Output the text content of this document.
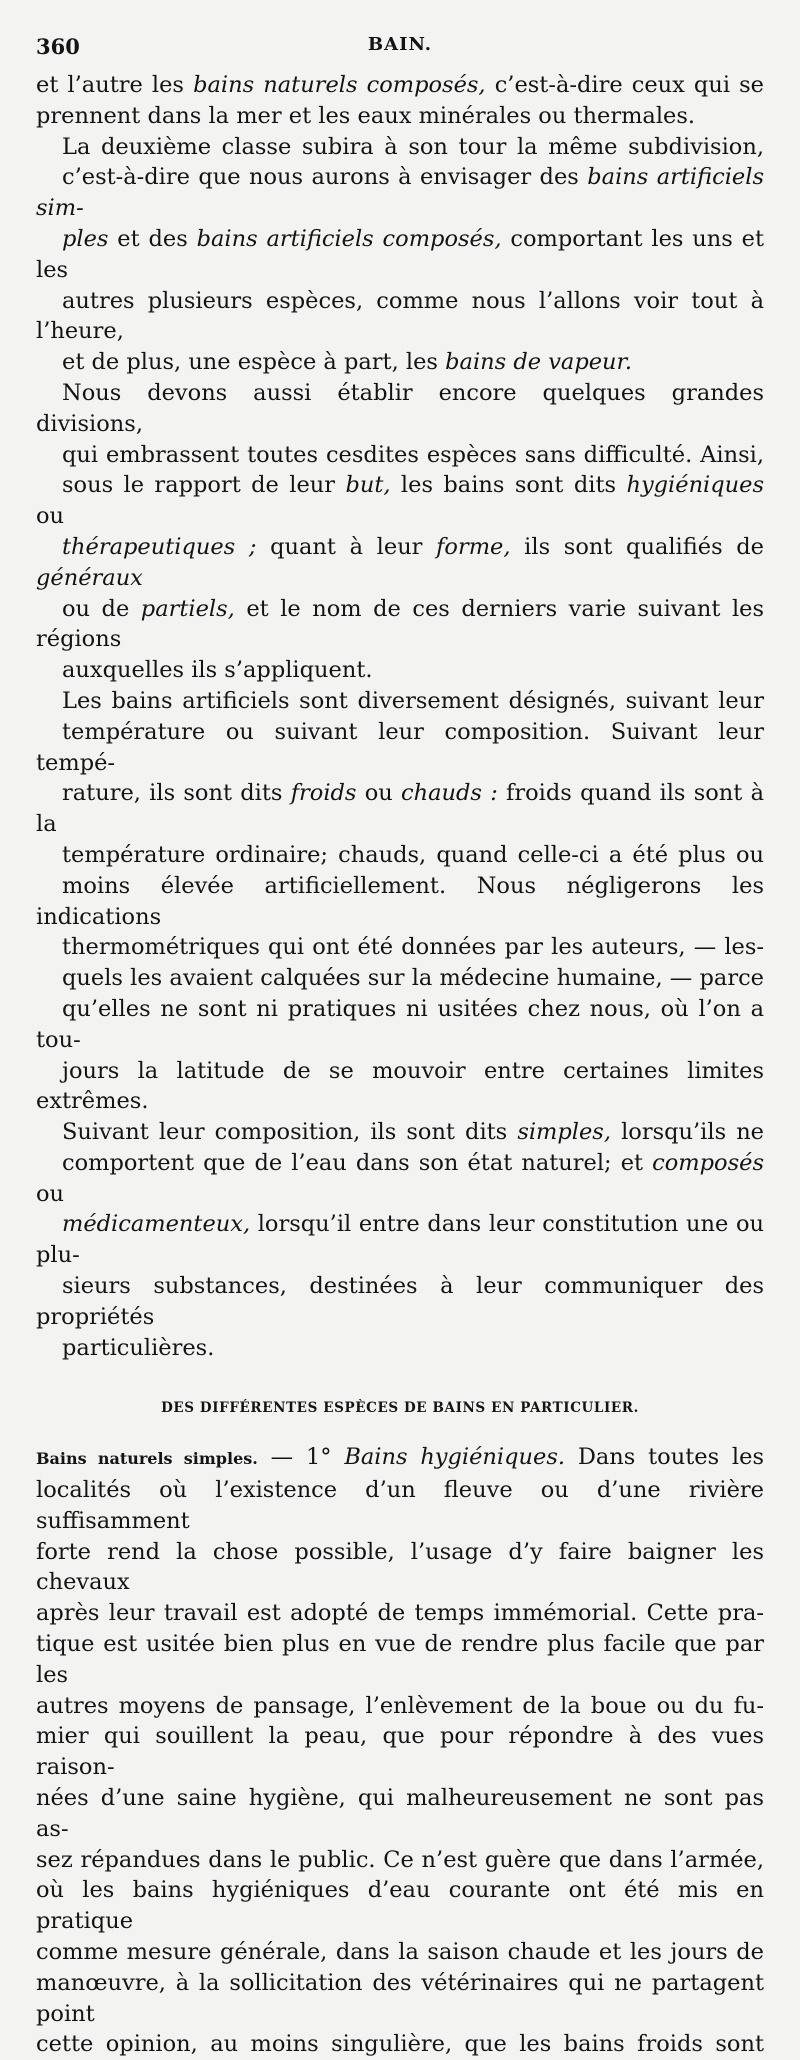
360	BAIN.

et l’autre les bains naturels composés, c’est-à-dire ceux qui se
prennent dans la mer et les eaux minérales ou thermales.

La deuxième classe subira à son tour la même subdivision,
c’est-à-dire que nous aurons à envisager des bains artificiels sim-
ples et des bains artificiels composés, comportant les uns et les
autres plusieurs espèces, comme nous l’allons voir tout à l’heure,
et de plus, une espèce à part, les bains de vapeur.

Nous devons aussi établir encore quelques grandes divisions,
qui embrassent toutes cesdites espèces sans difficulté. Ainsi,
sous le rapport de leur but, les bains sont dits hygiéniques ou
thérapeutiques ; quant à leur forme, ils sont qualifiés de généraux
ou de partiels, et le nom de ces derniers varie suivant les régions
auxquelles ils s’appliquent.

Les bains artificiels sont diversement désignés, suivant leur
température ou suivant leur composition. Suivant leur tempé-
rature, ils sont dits froids ou chauds : froids quand ils sont à la
température ordinaire; chauds, quand celle-ci a été plus ou
moins élevée artificiellement. Nous négligerons les indications
thermométriques qui ont été données par les auteurs, — les-
quels les avaient calquées sur la médecine humaine, — parce
qu’elles ne sont ni pratiques ni usitées chez nous, où l’on a tou-
jours la latitude de se mouvoir entre certaines limites extrêmes.

Suivant leur composition, ils sont dits simples, lorsqu’ils ne
comportent que de l’eau dans son état naturel; et composés ou
médicamenteux, lorsqu’il entre dans leur constitution une ou plu-
sieurs substances, destinées à leur communiquer des propriétés
particulières.

DES DIFFÉRENTES ESPÈCES DE BAINS EN PARTICULIER.

Bains naturels simples. — 1° Bains hygiéniques. Dans toutes les
localités où l’existence d’un fleuve ou d’une rivière suffisamment
forte rend la chose possible, l’usage d’y faire baigner les chevaux
après leur travail est adopté de temps immémorial. Cette pra-
tique est usitée bien plus en vue de rendre plus facile que par les
autres moyens de pansage, l’enlèvement de la boue ou du fu-
mier qui souillent la peau, que pour répondre à des vues raison-
nées d’une saine hygiène, qui malheureusement ne sont pas as-
sez répandues dans le public. Ce n’est guère que dans l’armée,
où les bains hygiéniques d’eau courante ont été mis en pratique
comme mesure générale, dans la saison chaude et les jours de
manœuvre, à la sollicitation des vétérinaires qui ne partagent point
cette opinion, au moins singulière, que les bains froids sont
